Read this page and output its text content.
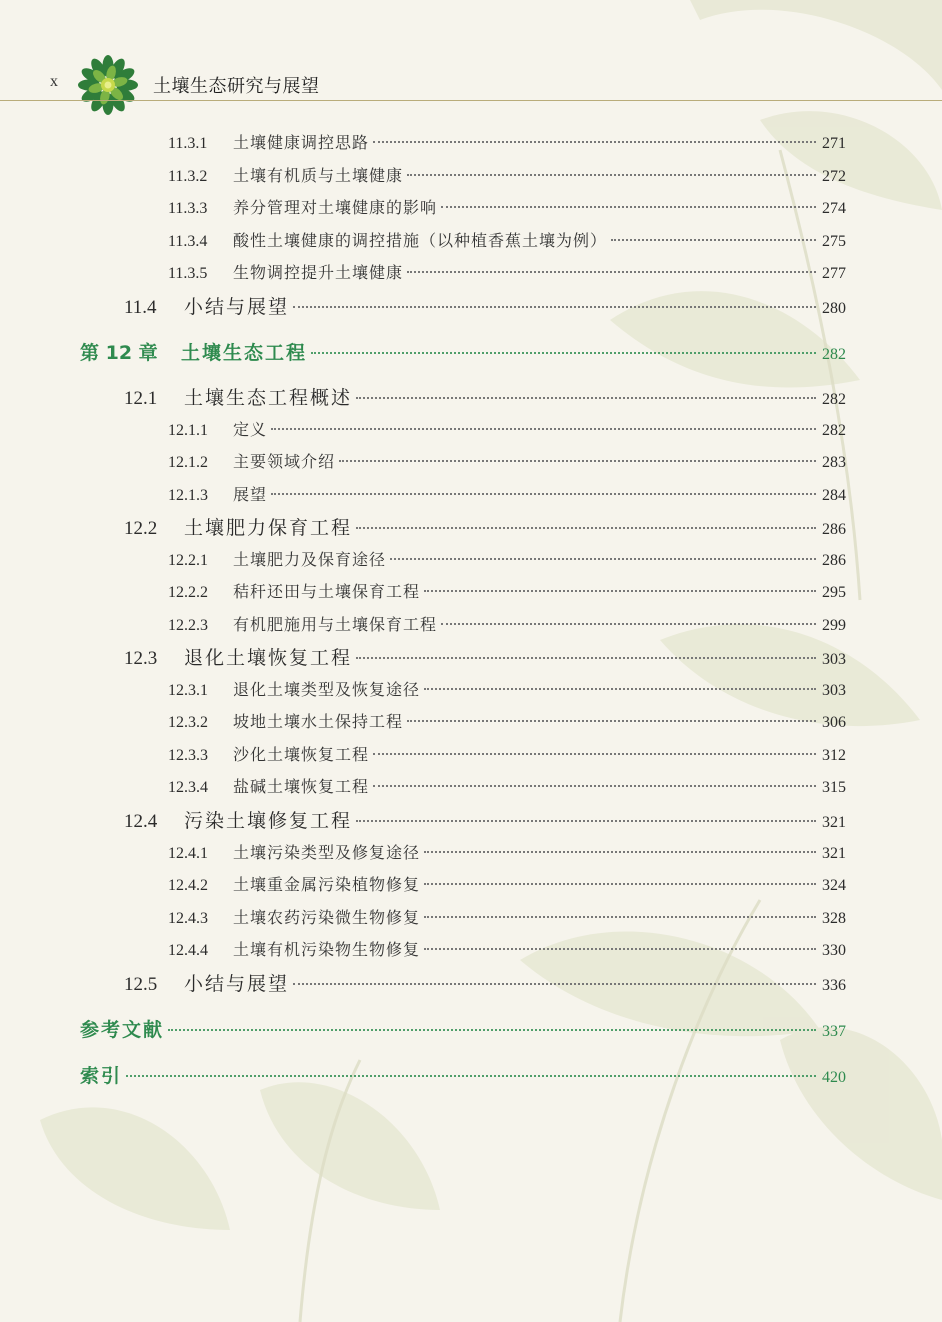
x	土壤生态研究与展望
11.3.1	土壤健康调控思路	271
11.3.2	土壤有机质与土壤健康	272
11.3.3	养分管理对土壤健康的影响	274
11.3.4	酸性土壤健康的调控措施（以种植香蕉土壤为例）	275
11.3.5	生物调控提升土壤健康	277
11.4	小结与展望	280
第 12 章	土壤生态工程	282
12.1	土壤生态工程概述	282
12.1.1	定义	282
12.1.2	主要领域介绍	283
12.1.3	展望	284
12.2	土壤肥力保育工程	286
12.2.1	土壤肥力及保育途径	286
12.2.2	秸秆还田与土壤保育工程	295
12.2.3	有机肥施用与土壤保育工程	299
12.3	退化土壤恢复工程	303
12.3.1	退化土壤类型及恢复途径	303
12.3.2	坡地土壤水土保持工程	306
12.3.3	沙化土壤恢复工程	312
12.3.4	盐碱土壤恢复工程	315
12.4	污染土壤修复工程	321
12.4.1	土壤污染类型及修复途径	321
12.4.2	土壤重金属污染植物修复	324
12.4.3	土壤农药污染微生物修复	328
12.4.4	土壤有机污染物生物修复	330
12.5	小结与展望	336
参考文献	337
索引	420
